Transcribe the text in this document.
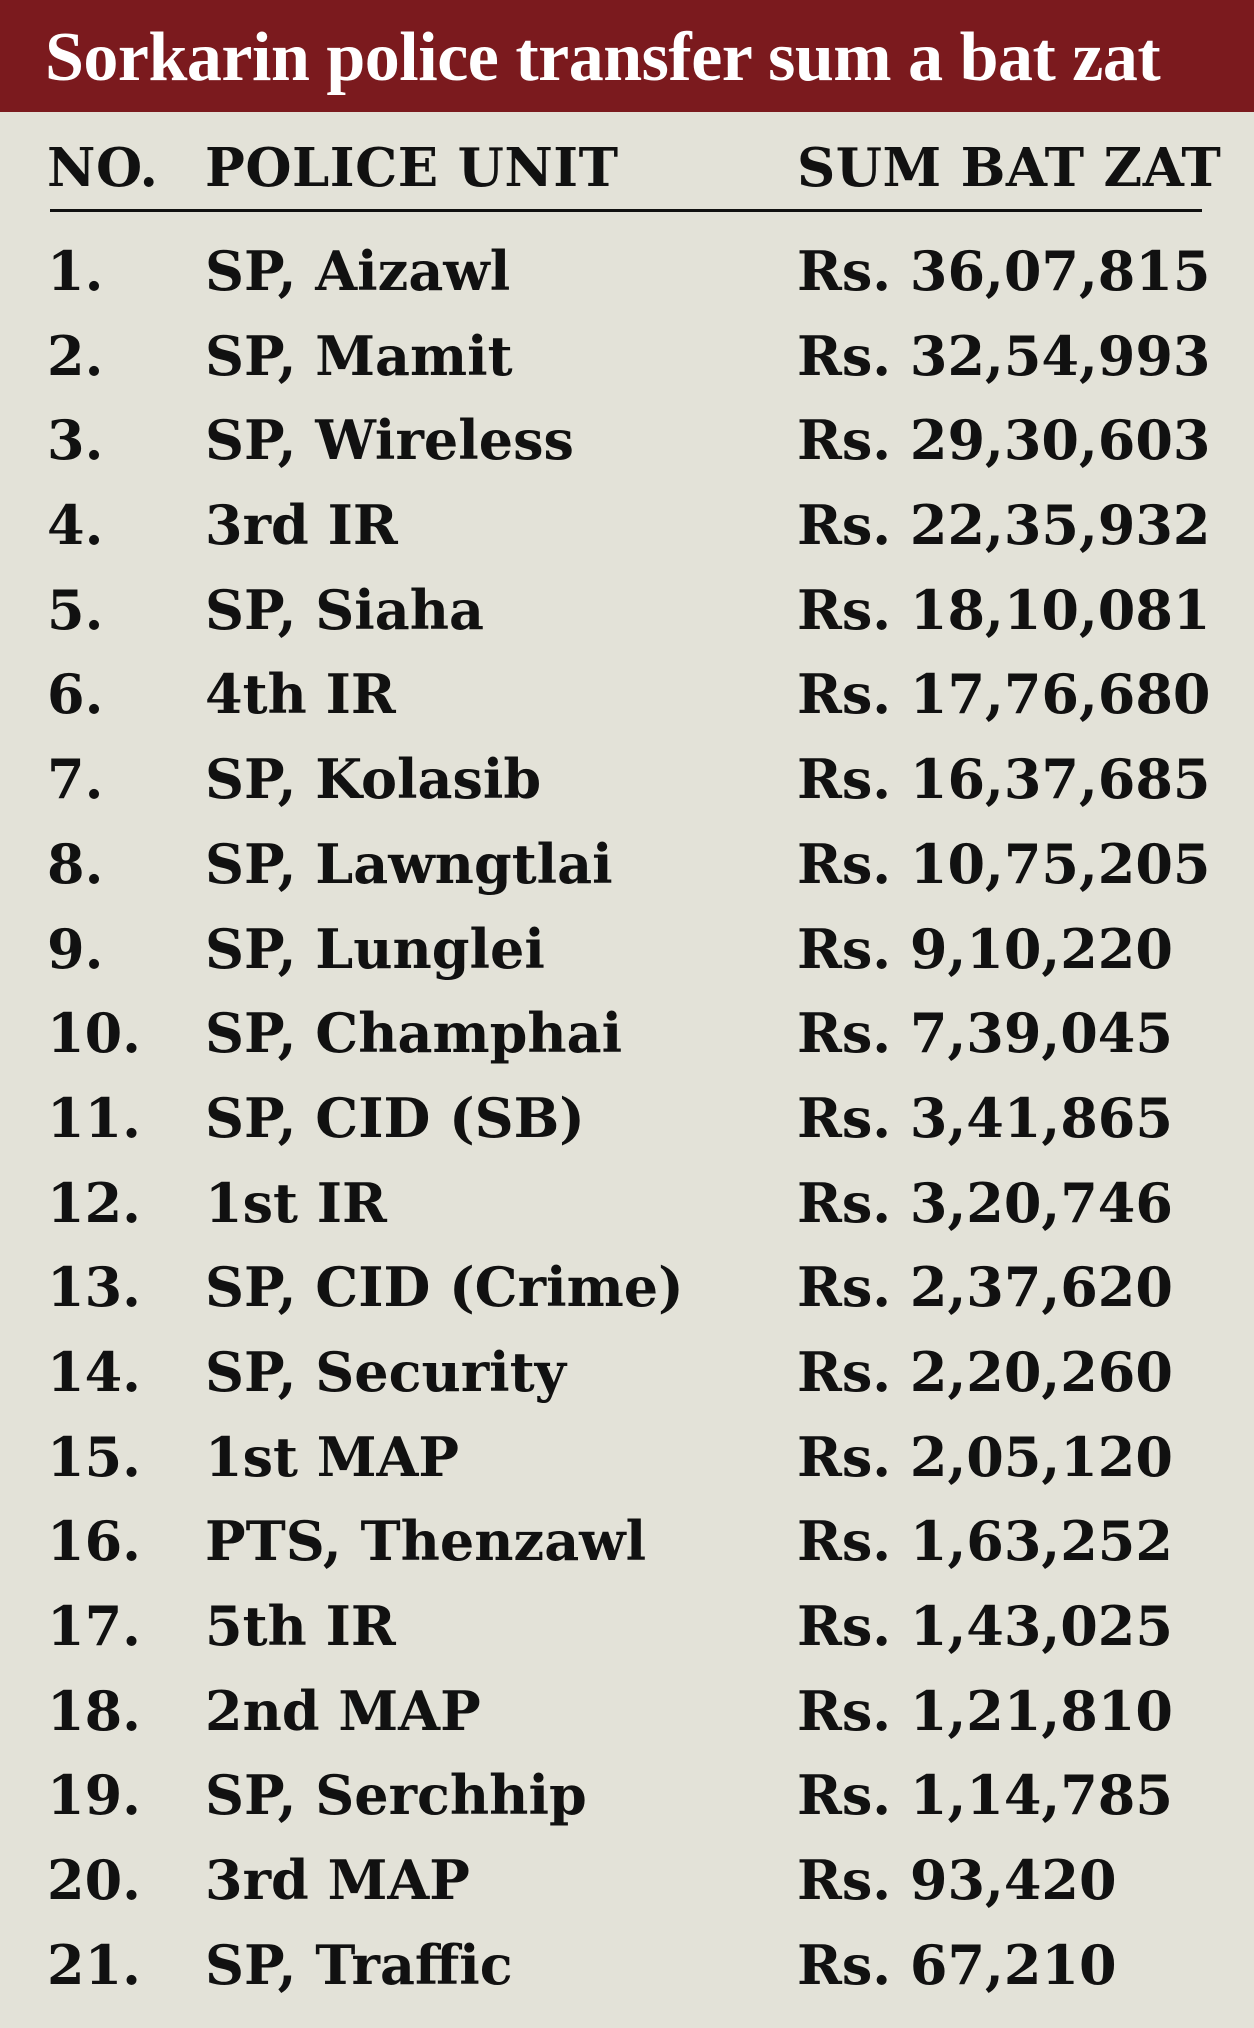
Sorkarin police transfer sum a bat zat
NO. POLICE UNIT	SUM BAT ZAT
1. SP, Aizawl	Rs. 36,07,815
2. SP, Mamit	Rs. 32,54,993
3. SP, Wireless	Rs. 29,30,603
4. 3rd IR	Rs. 22,35,932
5. SP, Siaha	Rs. 18,10,081
6. 4th IR	Rs. 17,76,680
7. SP, Kolasib	Rs. 16,37,685
8. SP, Lawngtlai	Rs. 10,75,205
9. SP, Lunglei	Rs. 9,10,220
10. SP, Champhai	Rs. 7,39,045
11. SP, CID (SB)	Rs. 3,41,865
12. 1st IR	Rs. 3,20,746
13. SP, CID (Crime) Rs. 2,37,620
14. SP, Security	Rs. 2,20,260
15. 1st MAP	Rs. 2,05,120
16. PTS, Thenzawl	Rs. 1,63,252
17. 5th IR	Rs. 1,43,025
18. 2nd MAP	Rs. 1,21,810
19. SP, Serchhip	Rs. 1,14,785
20. 3rd MAP	Rs. 93,420
21. SP, Traffic	Rs. 67,210
